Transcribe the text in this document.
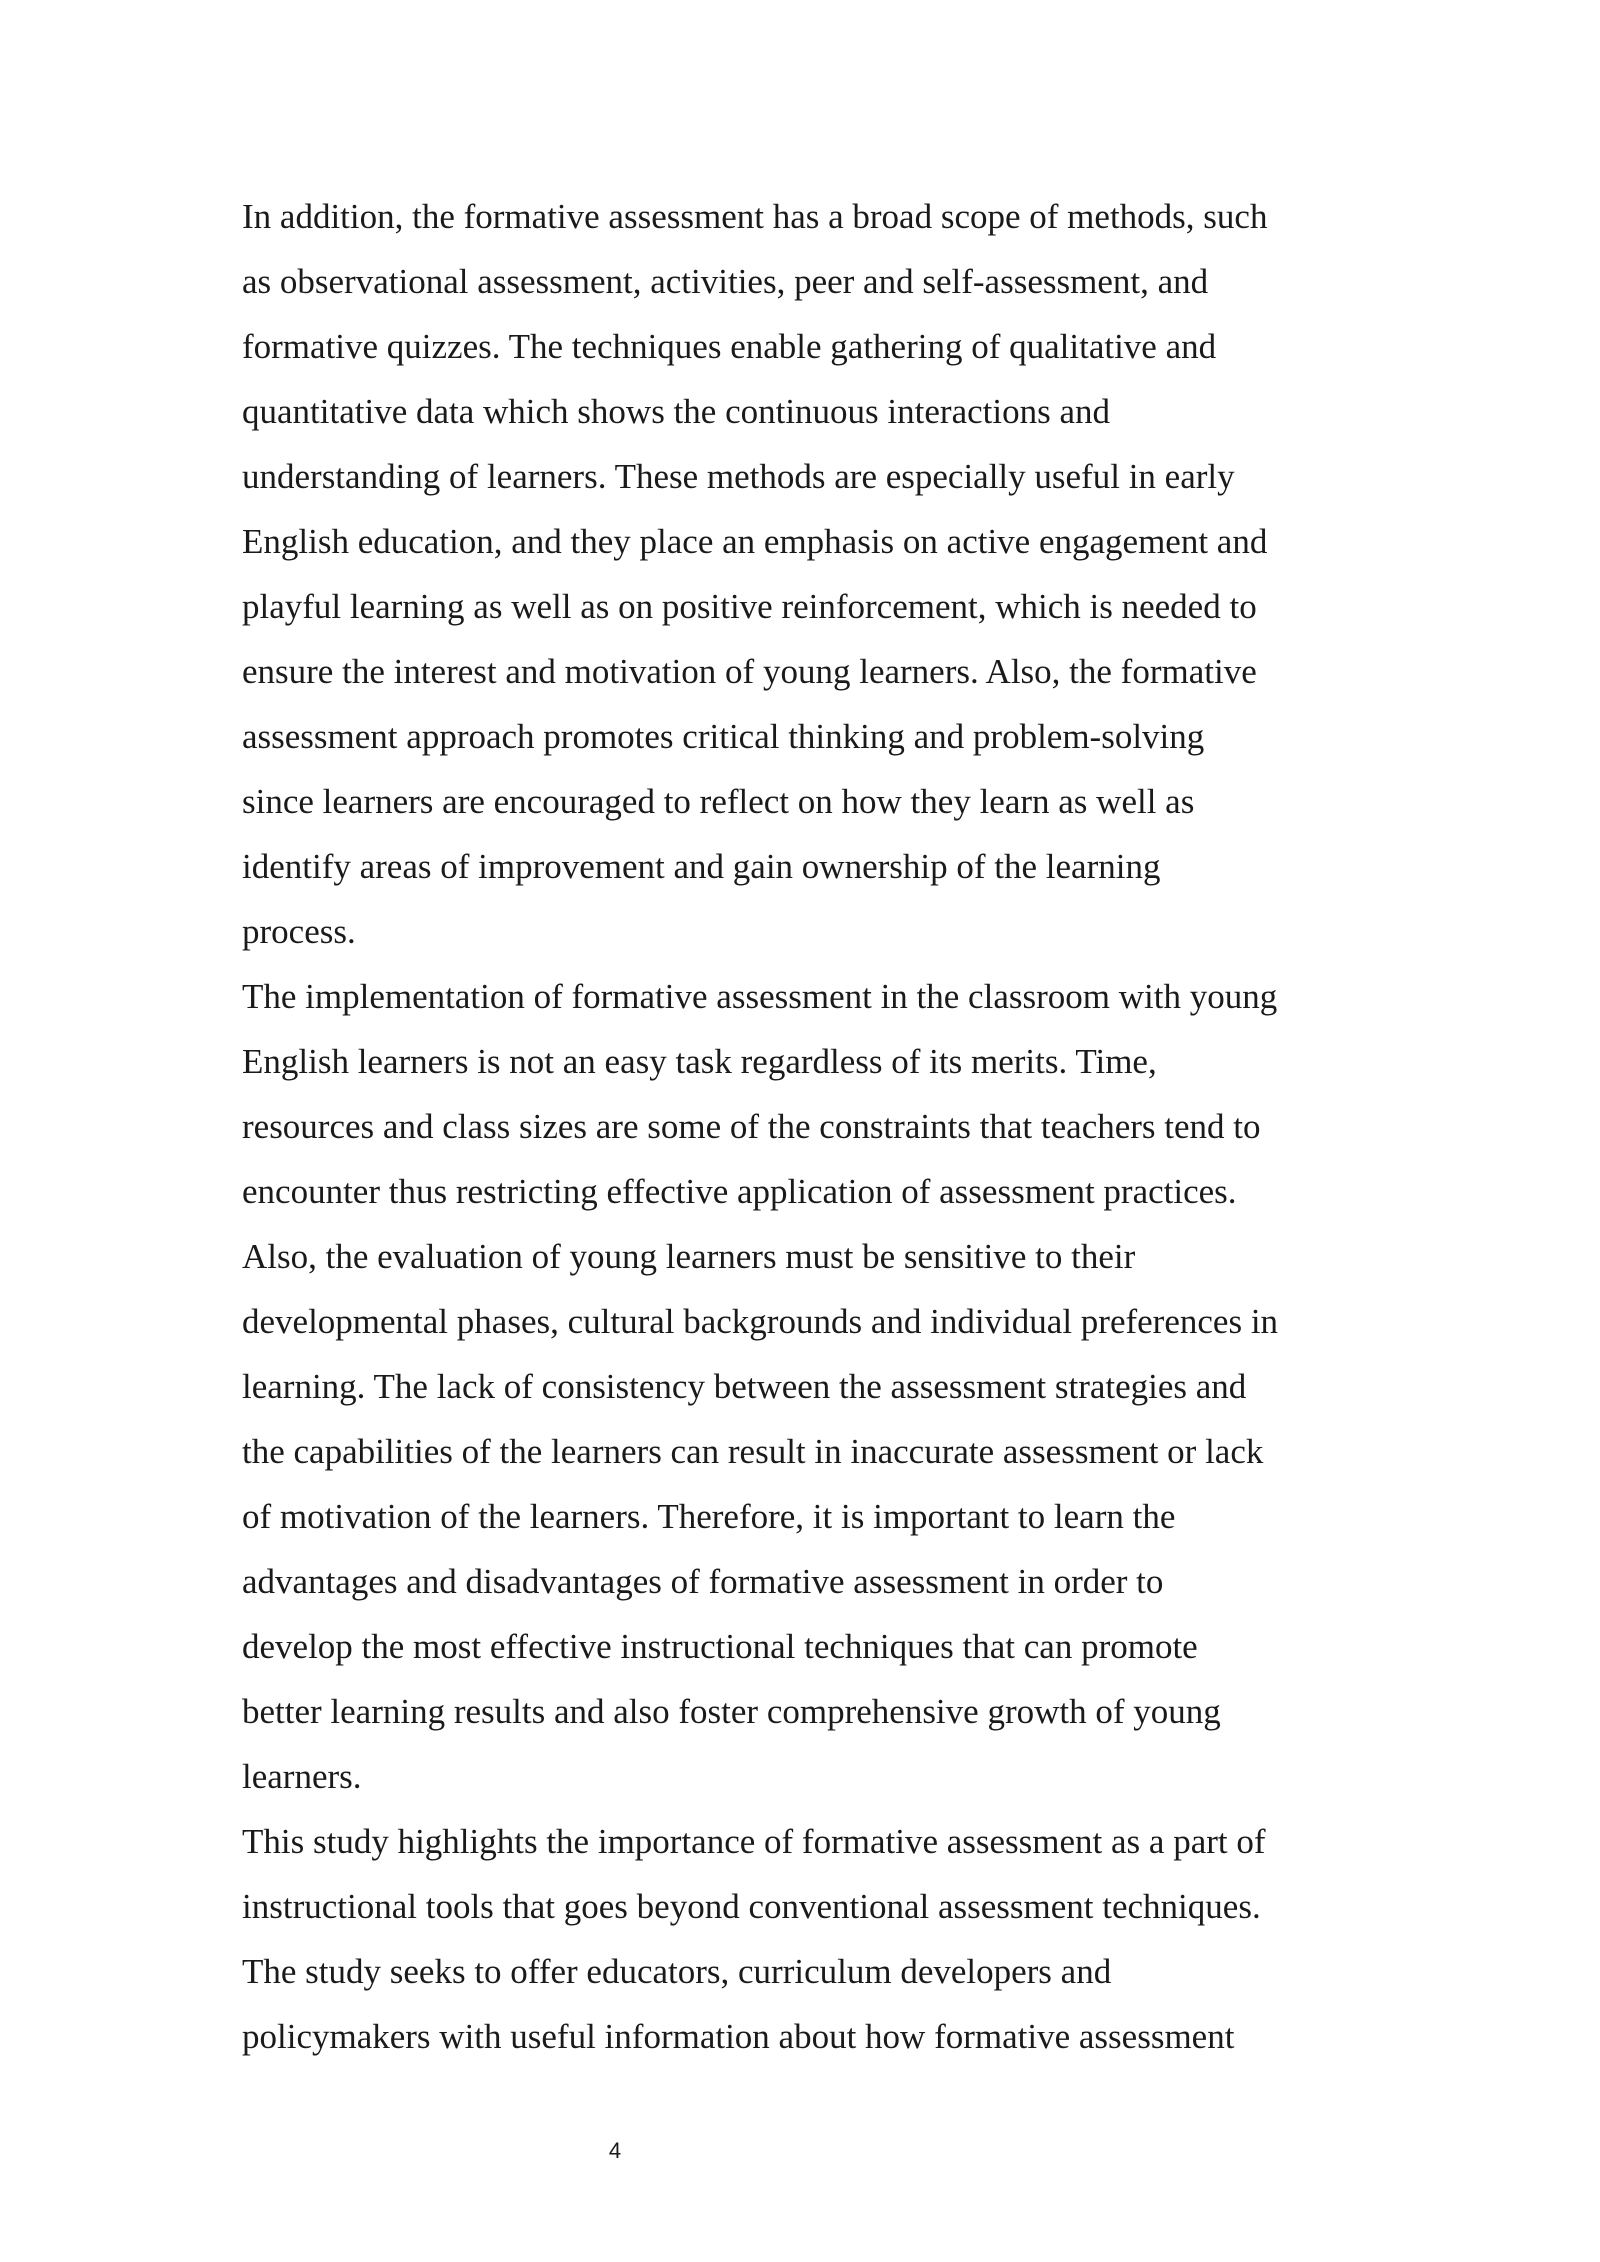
In addition, the formative assessment has a broad scope of methods, such
as observational assessment, activities, peer and self-assessment, and
formative quizzes. The techniques enable gathering of qualitative and
quantitative data which shows the continuous interactions and
understanding of learners. These methods are especially useful in early
English education, and they place an emphasis on active engagement and
playful learning as well as on positive reinforcement, which is needed to
ensure the interest and motivation of young learners. Also, the formative
assessment approach promotes critical thinking and problem-solving
since learners are encouraged to reflect on how they learn as well as
identify areas of improvement and gain ownership of the learning
process.
The implementation of formative assessment in the classroom with young
English learners is not an easy task regardless of its merits. Time,
resources and class sizes are some of the constraints that teachers tend to
encounter thus restricting effective application of assessment practices.
Also, the evaluation of young learners must be sensitive to their
developmental phases, cultural backgrounds and individual preferences in
learning. The lack of consistency between the assessment strategies and
the capabilities of the learners can result in inaccurate assessment or lack
of motivation of the learners. Therefore, it is important to learn the
advantages and disadvantages of formative assessment in order to
develop the most effective instructional techniques that can promote
better learning results and also foster comprehensive growth of young
learners.
This study highlights the importance of formative assessment as a part of
instructional tools that goes beyond conventional assessment techniques.
The study seeks to offer educators, curriculum developers and
policymakers with useful information about how formative assessment
4
